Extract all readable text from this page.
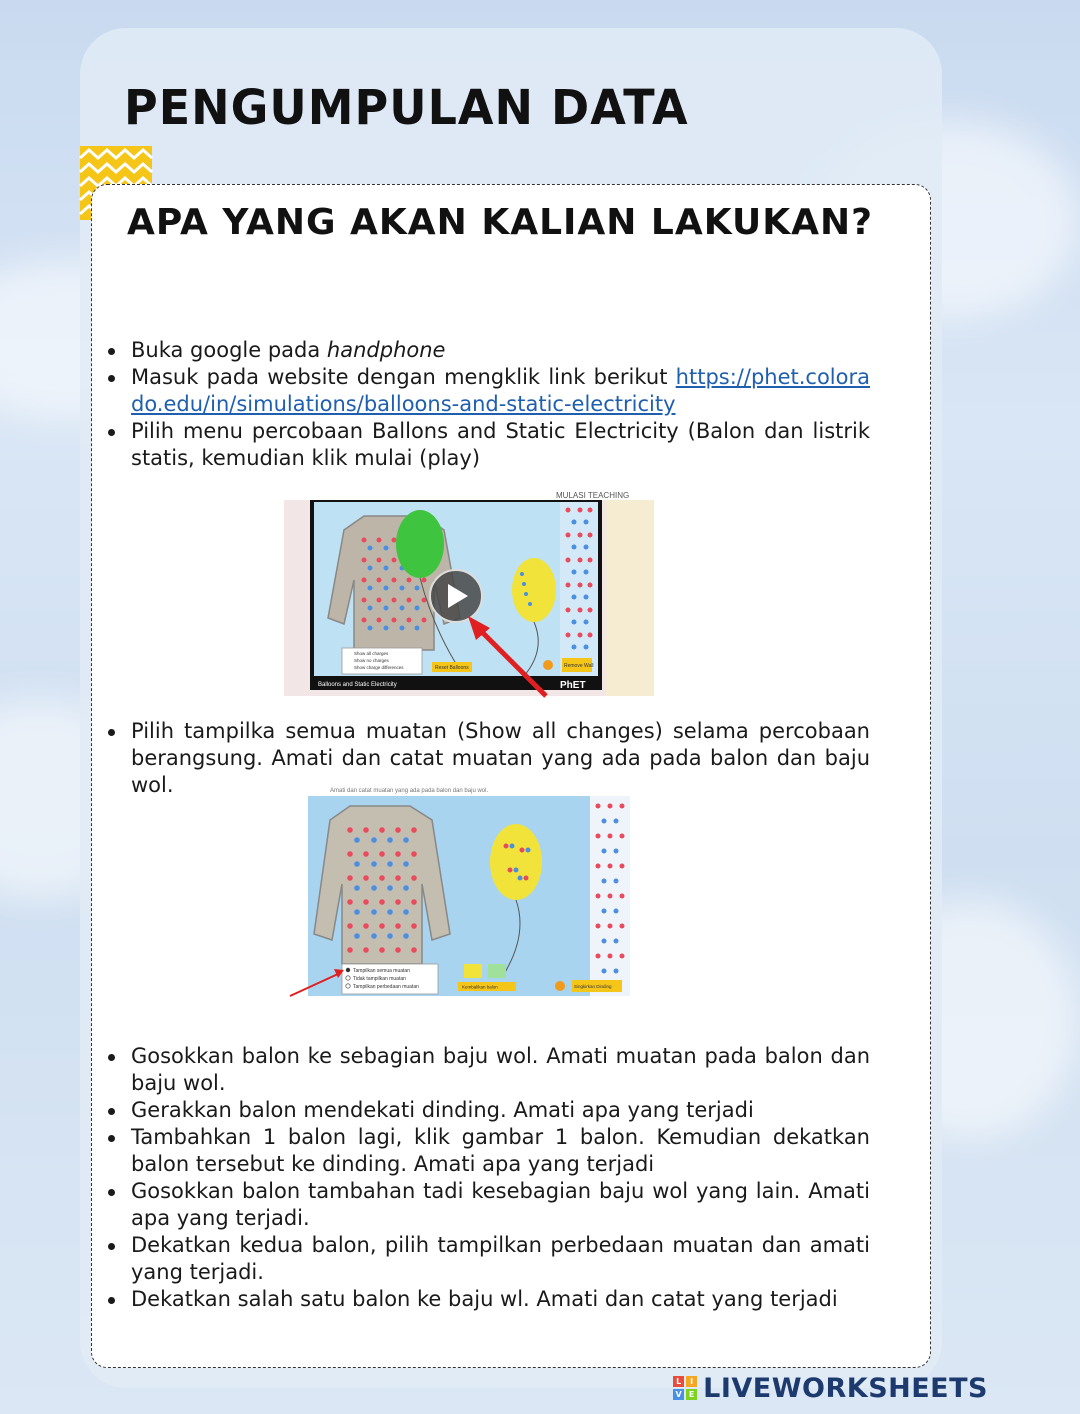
PENGUMPULAN DATA
APA YANG AKAN KALIAN LAKUKAN?
Buka google pada handphone
Masuk pada website dengan mengklik link berikut https://phet.colorado.edu/in/simulations/balloons-and-static-electricity
Pilih menu percobaan Ballons and Static Electricity (Balon dan listrik statis, kemudian klik mulai (play)
MULASI TEACHING
Show all charges
Show no charges
Show charge differences	Reset Balloons	Remove Wall
Balloons and Static Electricity	PhET
Pilih tampilka semua muatan (Show all changes) selama percobaan berangsung. Amati dan catat muatan yang ada pada balon dan baju wol.	Amati dan catat muatan yang ada pada balon dan baju wol.
Tampilkan semua muatan
Tidak tampilkan muatan
Tampilkan perbedaan muatan	Kembalikan balon	Singkirkan Dinding
Gosokkan balon ke sebagian baju wol. Amati muatan pada balon dan baju wol.
Gerakkan balon mendekati dinding. Amati apa yang terjadi
Tambahkan 1 balon lagi, klik gambar 1 balon. Kemudian dekatkan balon tersebut ke dinding. Amati apa yang terjadi
Gosokkan balon tambahan tadi kesebagian baju wol yang lain. Amati apa yang terjadi.
Dekatkan kedua balon, pilih tampilkan perbedaan muatan dan amati yang terjadi.
Dekatkan salah satu balon ke baju wl. Amati dan catat yang terjadi
L	I
V E LIVEWORKSHEETS
